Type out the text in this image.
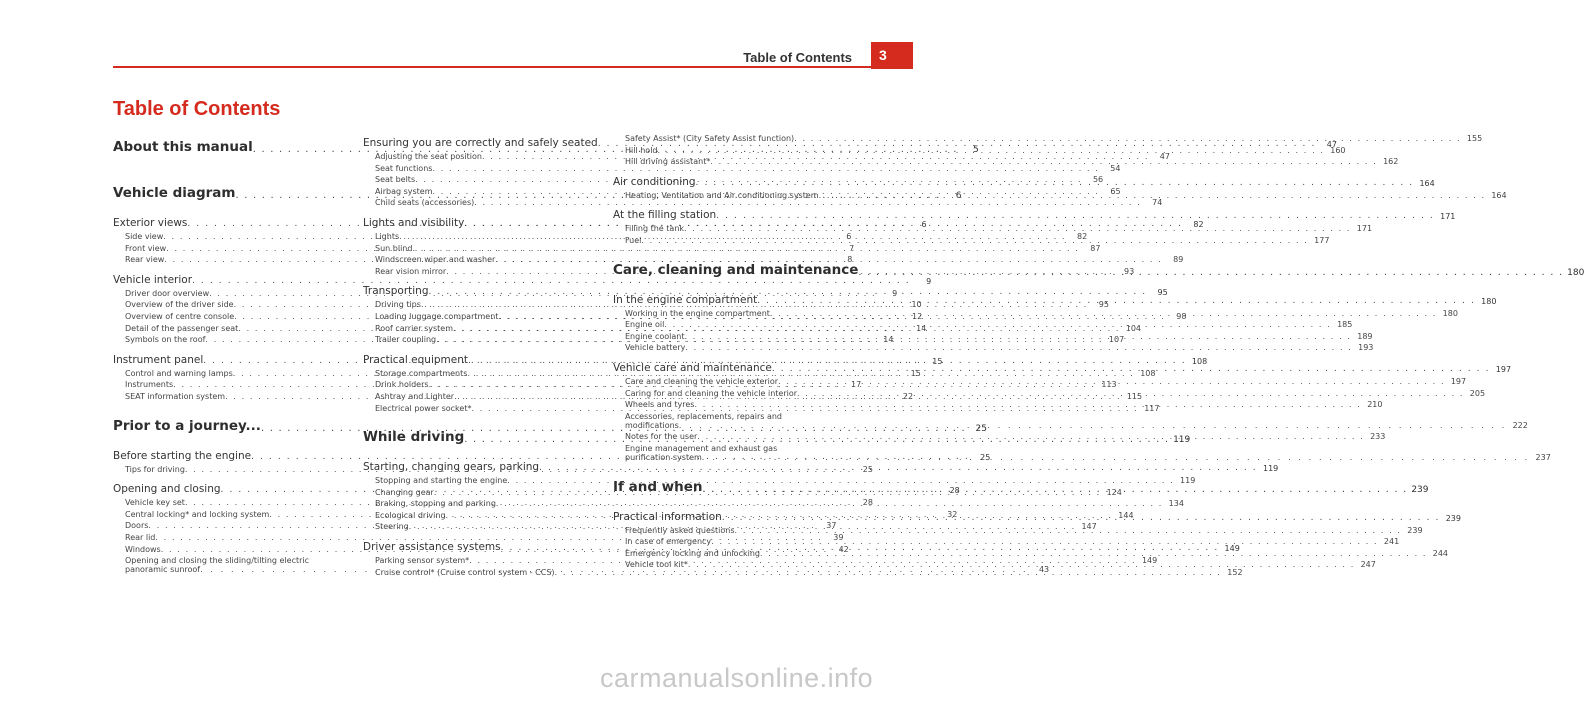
Table of Contents	3
Table of Contents
About this manual . . .	5
Vehicle diagram . . .	6
Exterior views . . .	6
Side view . . .	6
Front view . . .	7
Rear view . . .	8
Vehicle interior . . .	9
Driver door overview . . .	9
Overview of the driver side . . .	10
Overview of centre console . . .	12
Detail of the passenger seat . . .	14
Symbols on the roof . . .	14
Instrument panel . . .	15
Control and warning lamps . . .	15
Instruments . . .	17
SEAT information system . . .	22
Prior to a journey... . . .	25
Before starting the engine . . .	25
Tips for driving . . .	25
Opening and closing . . .	28
Vehicle key set . . .	28
Central locking* and locking system . . .	32
Doors . . .	37
Rear lid . . .	39
Windows . . .	42
Opening and closing the sliding/tilting electric
panoramic sunroof . . .	43
Ensuring you are correctly and safely seated . . .	47
Adjusting the seat position . . .	47
Seat functions . . .	54
Seat belts . . .	56
Airbag system . . .	65
Child seats (accessories) . . .	74
Lights and visibility . . .	82
Lights . . .	82
Sun blind . . .	87
Windscreen wiper and washer . . .	89
Rear vision mirror . . .	93
Transporting . . .	95
Driving tips . . .	95
Loading luggage compartment . . .	98
Roof carrier system . . .	104
Trailer coupling . . .	107
Practical equipment . . .	108
Storage compartments . . .	108
Drink holders . . .	113
Ashtray and Lighter . . .	115
Electrical power socket* . . .	117
While driving . . .	119
Starting, changing gears, parking . . .	119
Stopping and starting the engine . . .	119
Changing gear . . .	124
Braking, stopping and parking . . .	134
Ecological driving . . .	144
Steering . . .	147
Driver assistance systems . . .	149
Parking sensor system* . . .	149
Cruise control* (Cruise control system - CCS) . . .	152
Safety Assist* (City Safety Assist function) . . .	155
Hill hold . . .	160
Hill driving assistant* . . .	162
Air conditioning . . .	164
Heating, Ventilation and Air conditioning system . . .	164
At the filling station . . .	171
Filling the tank . . .	171
Fuel . . .	177
Care, cleaning and maintenance . . .	180
In the engine compartment . . .	180
Working in the engine compartment . . .	180
Engine oil . . .	185
Engine coolant . . .	189
Vehicle battery . . .	193
Vehicle care and maintenance . . .	197
Care and cleaning the vehicle exterior . . .	197
Caring for and cleaning the vehicle interior . . .	205
Wheels and tyres . . .	210
Accessories, replacements, repairs and
modifications . . .	222
Notes for the user . . .	233
Engine management and exhaust gas
purification system . . .	237
If and when . . .	239
Practical information . . .	239
Frequently asked questions . . .	239
In case of emergency . . .	241
Emergency locking and unlocking . . .	244
Vehicle tool kit* . . .	247
carmanualsonline.info
